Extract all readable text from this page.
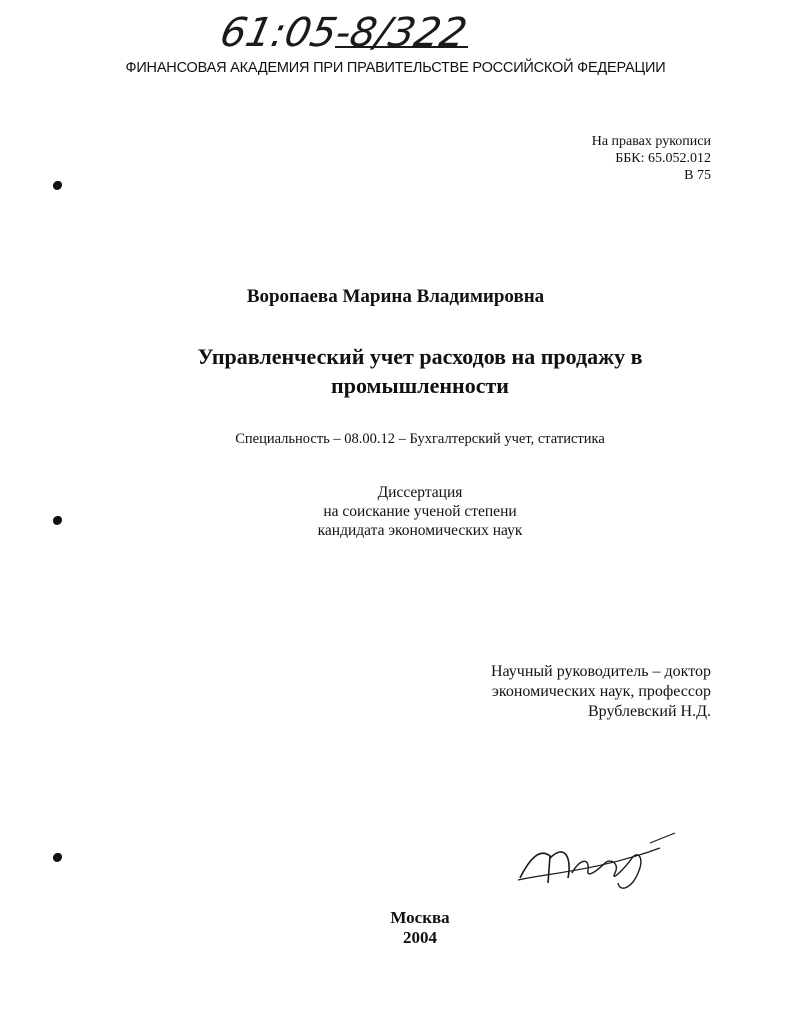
61:05-8/322
ФИНАНСОВАЯ АКАДЕМИЯ ПРИ ПРАВИТЕЛЬСТВЕ РОССИЙСКОЙ ФЕДЕРАЦИИ
На правах рукописи
ББК: 65.052.012
В 75
Воропаева Марина Владимировна
Управленческий учет расходов на продажу в
промышленности
Специальность – 08.00.12 – Бухгалтерский учет, статистика
Диссертация
на соискание ученой степени
кандидата экономических наук
Научный руководитель – доктор
экономических наук, профессор
Врублевский Н.Д.
Москва
2004
